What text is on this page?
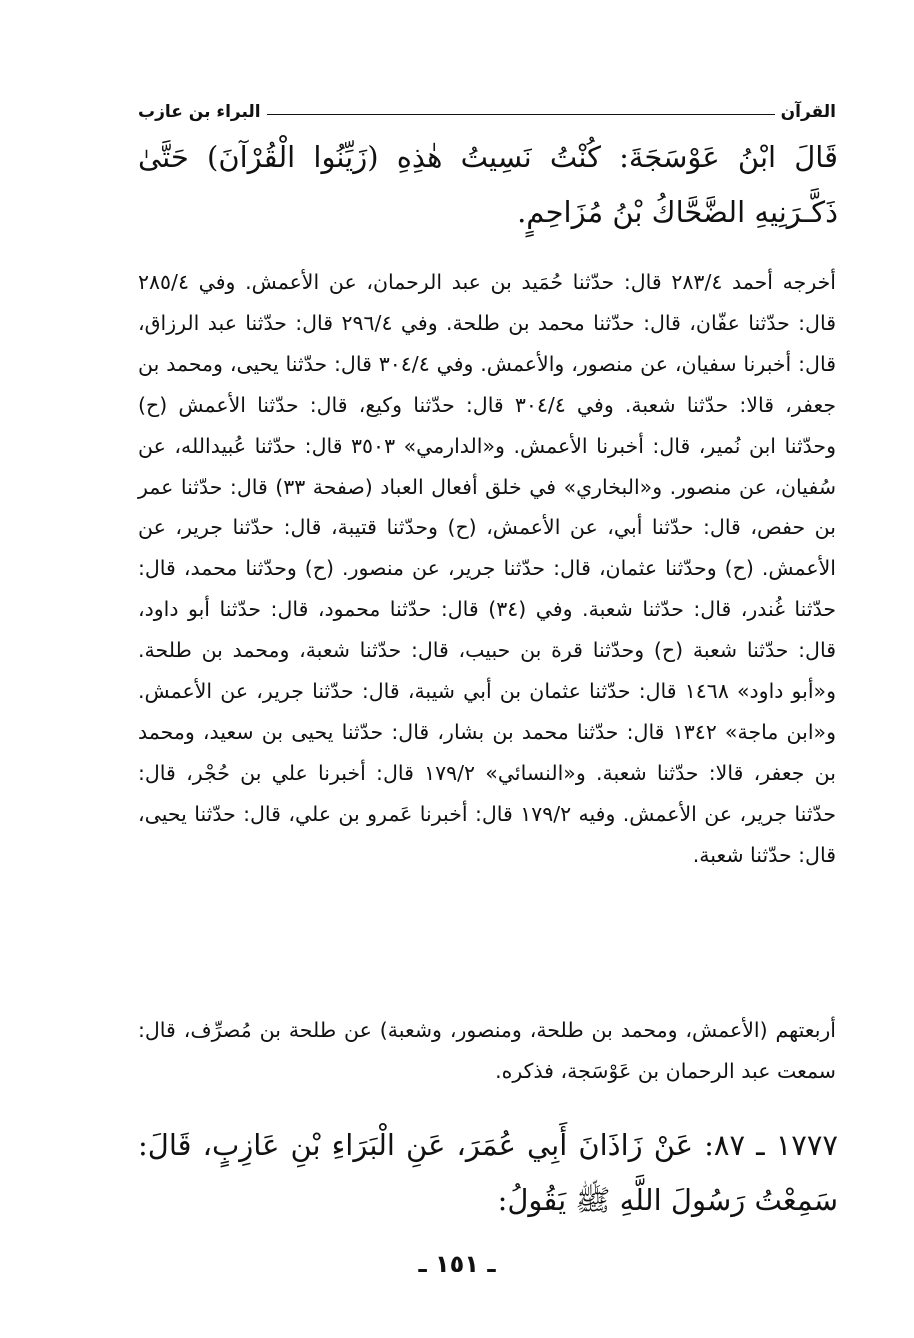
القرآن
البراء بن عازب
قَالَ ابْنُ عَوْسَجَةَ: كُنْتُ نَسِيتُ هٰذِهِ (زَيِّنُوا الْقُرْآنَ) حَتَّىٰ ذَكَّـرَنِيهِ الضَّحَّاكُ بْنُ مُزَاحِمٍ.
أخرجه أحمد ٢٨٣/٤ قال: حدّثنا حُمَيد بن عبد الرحمان، عن الأعمش. وفي ٢٨٥/٤ قال: حدّثنا عفّان، قال: حدّثنا محمد بن طلحة. وفي ٢٩٦/٤ قال: حدّثنا عبد الرزاق، قال: أخبرنا سفيان، عن منصور، والأعمش. وفي ٣٠٤/٤ قال: حدّثنا يحيى، ومحمد بن جعفر، قالا: حدّثنا شعبة. وفي ٣٠٤/٤ قال: حدّثنا وكيع، قال: حدّثنا الأعمش (ح) وحدّثنا ابن نُمير، قال: أخبرنا الأعمش. و«الدارمي» ٣٥٠٣ قال: حدّثنا عُبيدالله، عن سُفيان، عن منصور. و«البخاري» في خلق أفعال العباد (صفحة ٣٣) قال: حدّثنا عمر بن حفص، قال: حدّثنا أبي، عن الأعمش، (ح) وحدّثنا قتيبة، قال: حدّثنا جرير، عن الأعمش. (ح) وحدّثنا عثمان، قال: حدّثنا جرير، عن منصور. (ح) وحدّثنا محمد، قال: حدّثنا غُندر، قال: حدّثنا شعبة. وفي (٣٤) قال: حدّثنا محمود، قال: حدّثنا أبو داود، قال: حدّثنا شعبة (ح) وحدّثنا قرة بن حبيب، قال: حدّثنا شعبة، ومحمد بن طلحة. و«أبو داود» ١٤٦٨ قال: حدّثنا عثمان بن أبي شيبة، قال: حدّثنا جرير، عن الأعمش. و«ابن ماجة» ١٣٤٢ قال: حدّثنا محمد بن بشار، قال: حدّثنا يحيى بن سعيد، ومحمد بن جعفر، قالا: حدّثنا شعبة. و«النسائي» ١٧٩/٢ قال: أخبرنا علي بن حُجْر، قال: حدّثنا جرير، عن الأعمش. وفيه ١٧٩/٢ قال: أخبرنا عَمرو بن علي، قال: حدّثنا يحيى، قال: حدّثنا شعبة.
أربعتهم (الأعمش، ومحمد بن طلحة، ومنصور، وشعبة) عن طلحة بن مُصرِّف، قال: سمعت عبد الرحمان بن عَوْسَجة، فذكره.
١٧٧٧ ـ ٨٧: عَنْ زَاذَانَ أَبِي عُمَرَ، عَنِ الْبَرَاءِ بْنِ عَازِبٍ، قَالَ: سَمِعْتُ رَسُولَ اللَّهِ ﷺ يَقُولُ:
ـ ١٥١ ـ
